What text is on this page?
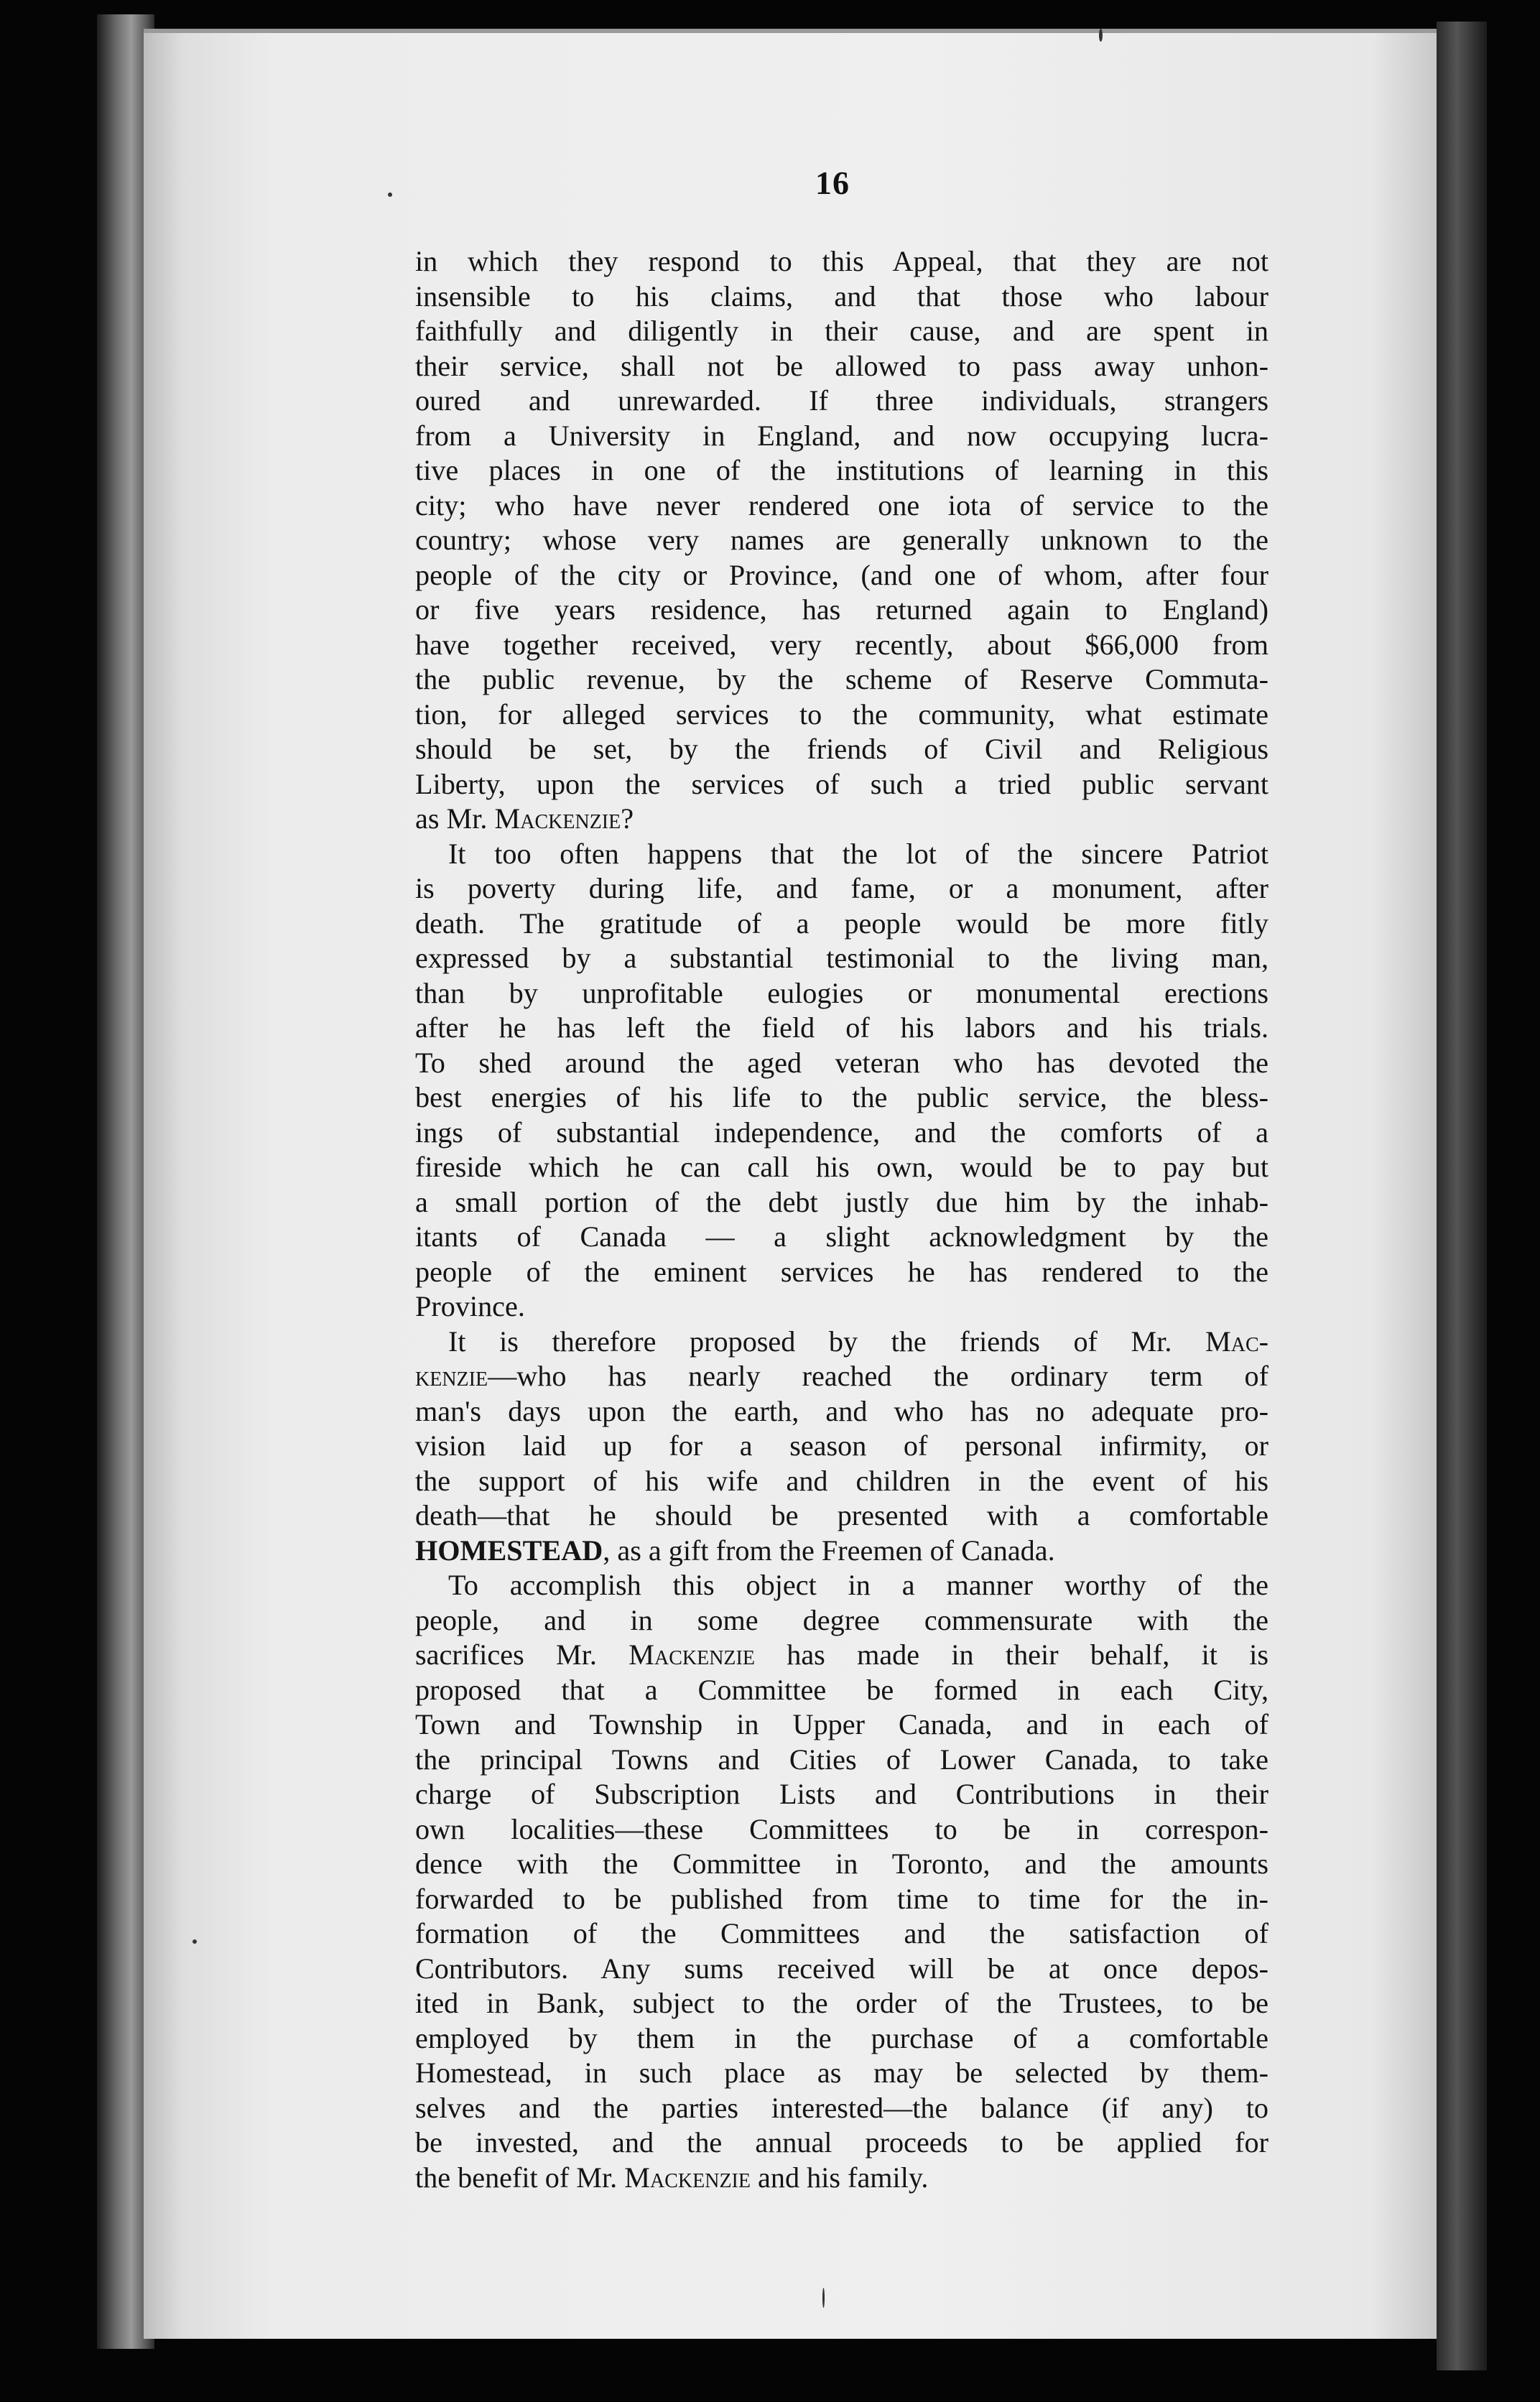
16
in which they respond to this Appeal, that they are not
insensible to his claims, and that those who labour
faithfully and diligently in their cause, and are spent in
their service, shall not be allowed to pass away unhon-
oured and unrewarded. If three individuals, strangers
from a University in England, and now occupying lucra-
tive places in one of the institutions of learning in this
city; who have never rendered one iota of service to the
country; whose very names are generally unknown to the
people of the city or Province, (and one of whom, after four
or five years residence, has returned again to England)
have together received, very recently, about $66,000 from
the public revenue, by the scheme of Reserve Commuta-
tion, for alleged services to the community, what estimate
should be set, by the friends of Civil and Religious
Liberty, upon the services of such a tried public servant
as Mr. Mackenzie?
It too often happens that the lot of the sincere Patriot
is poverty during life, and fame, or a monument, after
death. The gratitude of a people would be more fitly
expressed by a substantial testimonial to the living man,
than by unprofitable eulogies or monumental erections
after he has left the field of his labors and his trials.
To shed around the aged veteran who has devoted the
best energies of his life to the public service, the bless-
ings of substantial independence, and the comforts of a
fireside which he can call his own, would be to pay but
a small portion of the debt justly due him by the inhab-
itants of Canada — a slight acknowledgment by the
people of the eminent services he has rendered to the
Province.
It is therefore proposed by the friends of Mr. Mac-
kenzie—who has nearly reached the ordinary term of
man's days upon the earth, and who has no adequate pro-
vision laid up for a season of personal infirmity, or
the support of his wife and children in the event of his
death—that he should be presented with a comfortable
HOMESTEAD, as a gift from the Freemen of Canada.
To accomplish this object in a manner worthy of the
people, and in some degree commensurate with the
sacrifices Mr. Mackenzie has made in their behalf, it is
proposed that a Committee be formed in each City,
Town and Township in Upper Canada, and in each of
the principal Towns and Cities of Lower Canada, to take
charge of Subscription Lists and Contributions in their
own localities—these Committees to be in correspon-
dence with the Committee in Toronto, and the amounts
forwarded to be published from time to time for the in-
formation of the Committees and the satisfaction of
Contributors. Any sums received will be at once depos-
ited in Bank, subject to the order of the Trustees, to be
employed by them in the purchase of a comfortable
Homestead, in such place as may be selected by them-
selves and the parties interested—the balance (if any) to
be invested, and the annual proceeds to be applied for
the benefit of Mr. Mackenzie and his family.
